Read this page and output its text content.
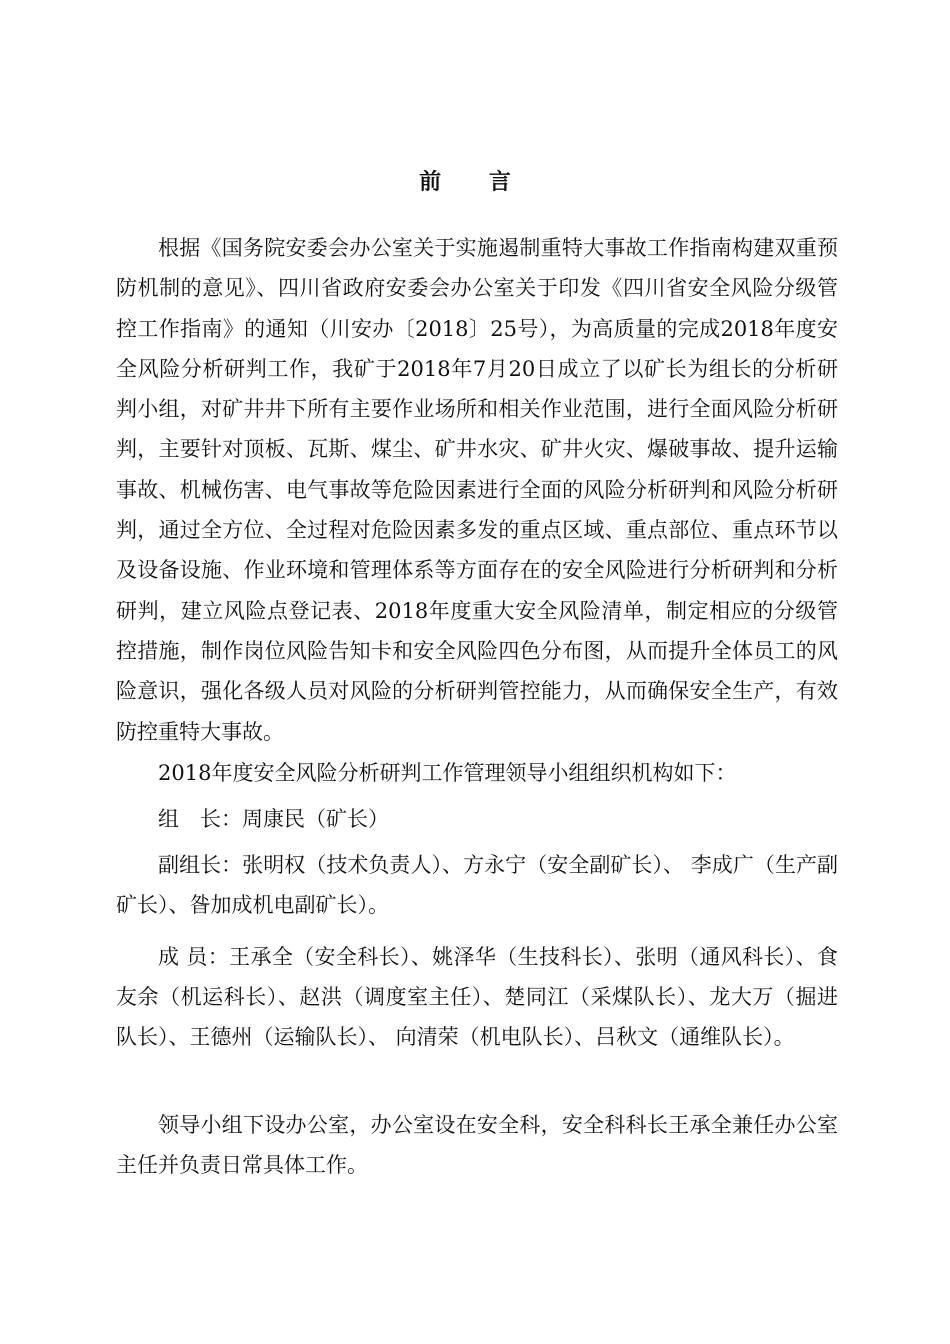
前 言

根据《国务院安委会办公室关于实施遏制重特大事故工作指南构建双重预防机制的意见》、四川省政府安委会办公室关于印发《四川省安全风险分级管控工作指南》的通知（川安办〔2018〕25号），为高质量的完成2018年度安全风险分析研判工作，我矿于2018年7月20日成立了以矿长为组长的分析研判小组，对矿井井下所有主要作业场所和相关作业范围，进行全面风险分析研判，主要针对顶板、瓦斯、煤尘、矿井水灾、矿井火灾、爆破事故、提升运输事故、机械伤害、电气事故等危险因素进行全面的风险分析研判和风险分析研判，通过全方位、全过程对危险因素多发的重点区域、重点部位、重点环节以及设备设施、作业环境和管理体系等方面存在的安全风险进行分析研判和分析研判，建立风险点登记表、2018年度重大安全风险清单，制定相应的分级管控措施，制作岗位风险告知卡和安全风险四色分布图，从而提升全体员工的风险意识，强化各级人员对风险的分析研判管控能力，从而确保安全生产，有效防控重特大事故。

2018年度安全风险分析研判工作管理领导小组组织机构如下：

组　长：周康民（矿长）

副组长：张明权（技术负责人）、方永宁（安全副矿长）、 李成广（生产副矿长）、昝加成机电副矿长）。

成 员：王承全（安全科长）、姚泽华（生技科长）、张明（通风科长）、食友余（机运科长）、赵洪（调度室主任）、楚同江（采煤队长）、龙大万（掘进队长）、王德州（运输队长）、 向清荣（机电队长）、吕秋文（通维队长）。

领导小组下设办公室，办公室设在安全科，安全科科长王承全兼任办公室主任并负责日常具体工作。
